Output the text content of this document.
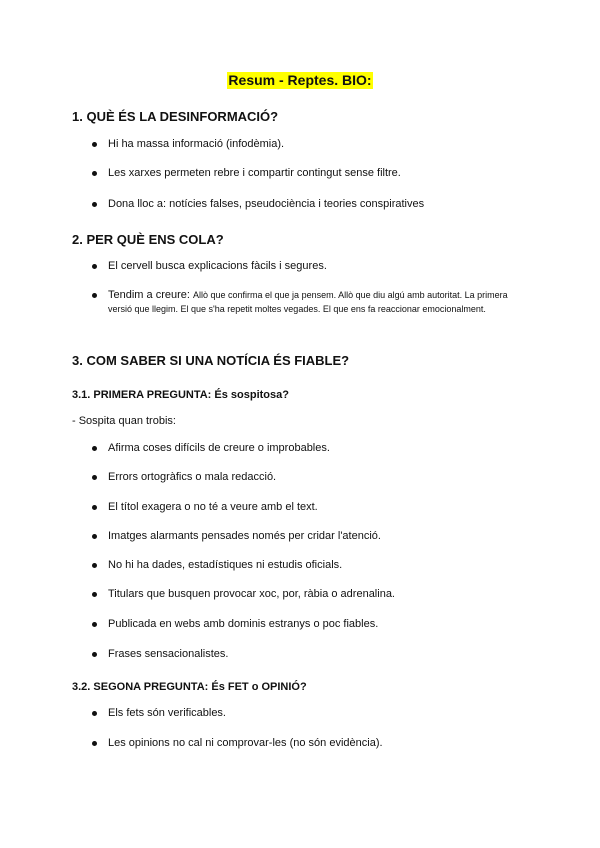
Resum - Reptes. BIO:
1. QUÈ ÉS LA DESINFORMACIÓ?
Hi ha massa informació (infodèmia).
Les xarxes permeten rebre i compartir contingut sense filtre.
Dona lloc a: notícies falses, pseudociència i teories conspiratives
2. PER QUÈ ENS COLA?
El cervell busca explicacions fàcils i segures.
Tendim a creure: Allò que confirma el que ja pensem. Allò que diu algú amb autoritat. La primera versió que llegim. El que s'ha repetit moltes vegades. El que ens fa reaccionar emocionalment.
3. COM SABER SI UNA NOTÍCIA ÉS FIABLE?
3.1. PRIMERA PREGUNTA: És sospitosa?

- Sospita quan trobis:

Afirma coses difícils de creure o improbables.
Errors ortogràfics o mala redacció.
El títol exagera o no té a veure amb el text.
Imatges alarmants pensades només per cridar l'atenció.
No hi ha dades, estadístiques ni estudis oficials.
Titulars que busquen provocar xoc, por, ràbia o adrenalina.
Publicada en webs amb dominis estranys o poc fiables.
Frases sensacionalistes.
3.2. SEGONA PREGUNTA: És FET o OPINIÓ?
Els fets són verificables.
Les opinions no cal ni comprovar-les (no són evidència).
